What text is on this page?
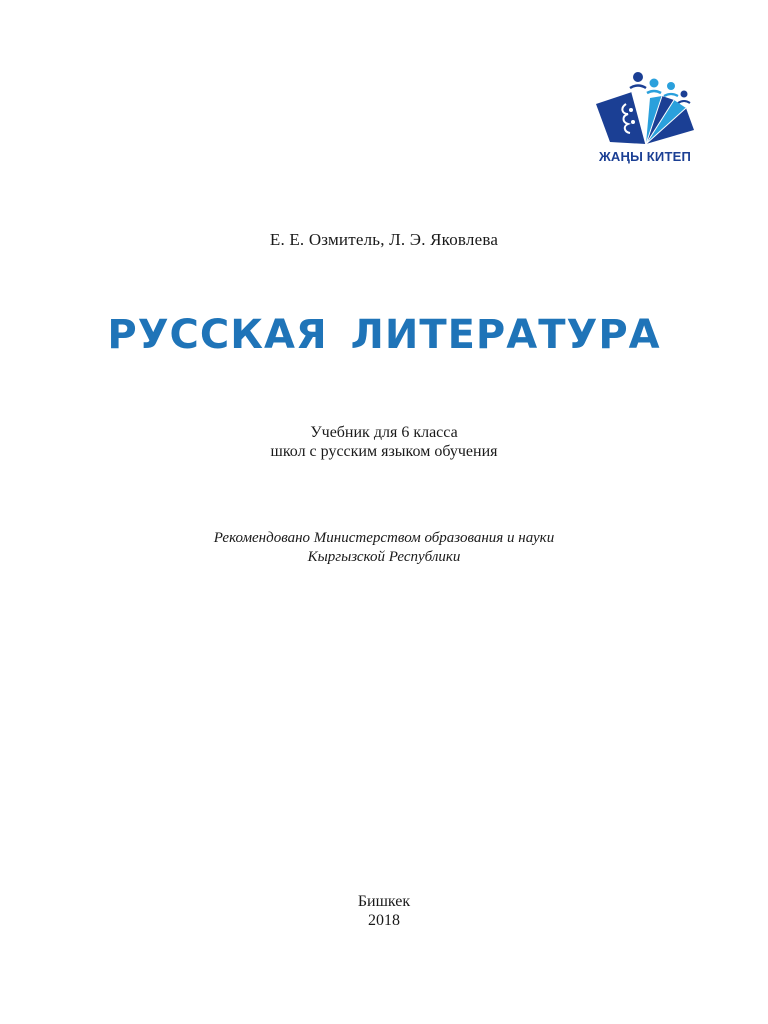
ЖАҢЫ КИТЕП
Е. Е. Озмитель, Л. Э. Яковлева
РУССКАЯ ЛИТЕРАТУРА
Учебник для 6 класса
школ с русским языком обучения
Рекомендовано Министерством образования и науки
Кыргызской Республики
Бишкек
2018
